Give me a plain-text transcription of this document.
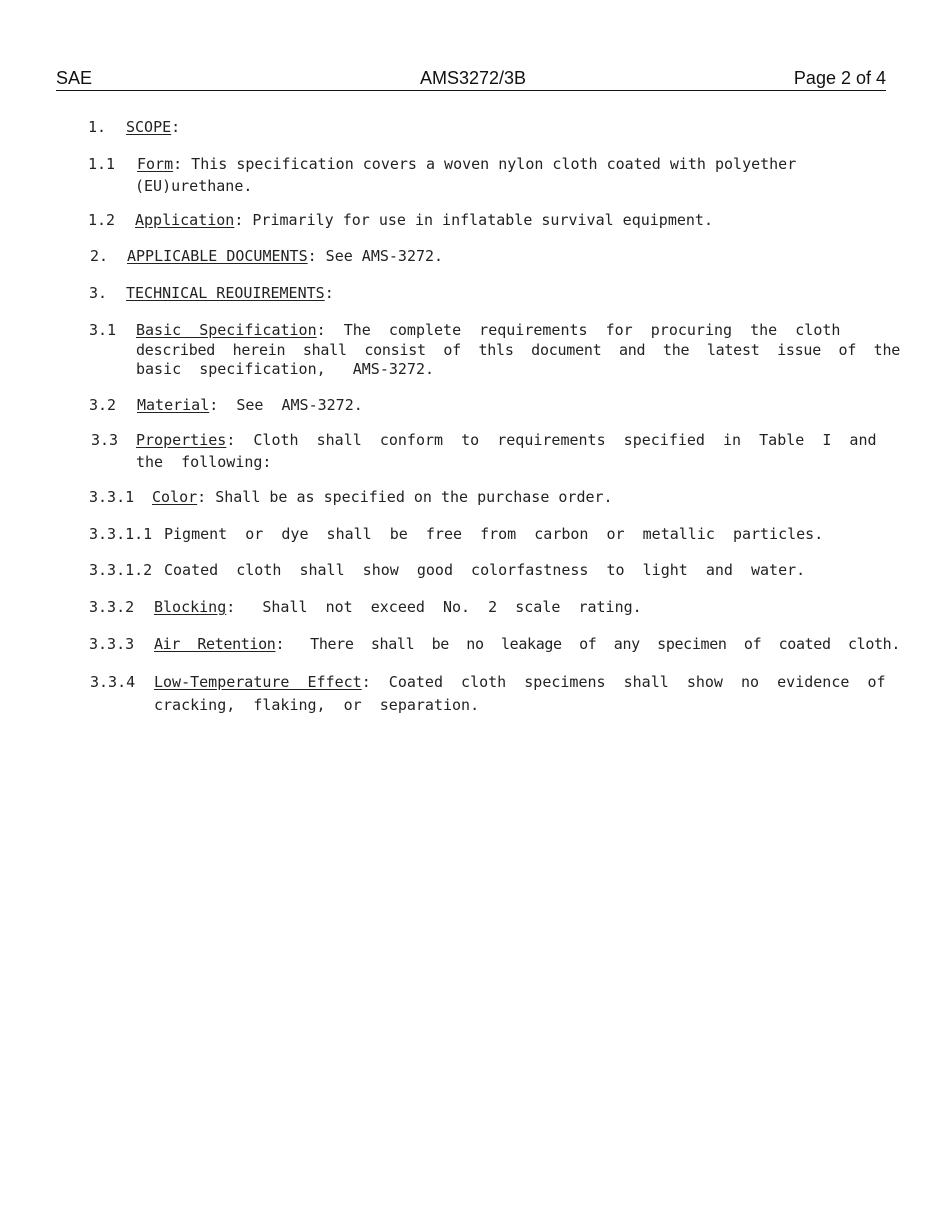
SAE	AMS3272/3B	Page 2 of 4

1.

SCOPE:

1.1

Form: This specification covers a woven nylon cloth coated with polyether

(EU)urethane.

1.2

Application: Primarily for use in inflatable survival equipment.

2.

APPLICABLE DOCUMENTS: See AMS-3272.

3.

TECHNICAL REOUIREMENTS:

3.1

Basic  Specification:  The  complete  requirements  for  procuring  the  cloth

described  herein  shall  consist  of  thls  document  and  the  latest  issue  of  the

basic  specification,   AMS-3272.

3.2

Material:  See  AMS-3272.

3.3

Properties:  Cloth  shall  conform  to  requirements  specified  in  Table  I  and

the  following:

3.3.1

Color: Shall be as specified on the purchase order.

3.3.1.1

Pigment  or  dye  shall  be  free  from  carbon  or  metallic  particles.

3.3.1.2

Coated  cloth  shall  show  good  colorfastness  to  light  and  water.

3.3.2

Blocking:   Shall  not  exceed  No.  2  scale  rating.

3.3.3

Air  Retention:   There  shall  be  no  leakage  of  any  specimen  of  coated  cloth.

3.3.4

Low-Temperature  Effect:  Coated  cloth  specimens  shall  show  no  evidence  of

cracking,  flaking,  or  separation.
